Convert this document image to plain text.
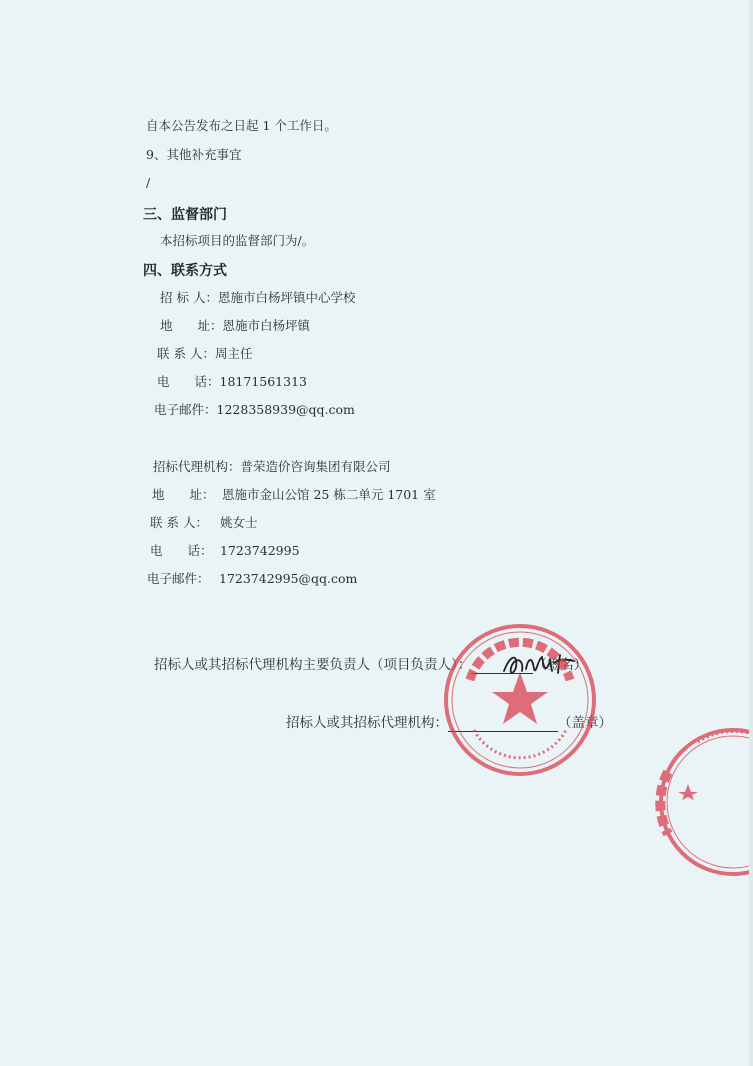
自本公告发布之日起 1 个工作日。
9、其他补充事宜
/
三、监督部门
本招标项目的监督部门为/。
四、联系方式
招 标 人：恩施市白杨坪镇中心学校
地　　址：恩施市白杨坪镇
联 系 人：周主任
电　　话：18171561313
电子邮件：1228358939@qq.com
招标代理机构：普荣造价咨询集团有限公司
地　　址： 恩施市金山公馆 25 栋二单元 1701 室
联 系 人： 姚女士
电　　话： 1723742995
电子邮件： 1723742995@qq.com
招标人或其招标代理机构主要负责人（项目负责人）：	（签名）
招标人或其招标代理机构：	（盖章）
